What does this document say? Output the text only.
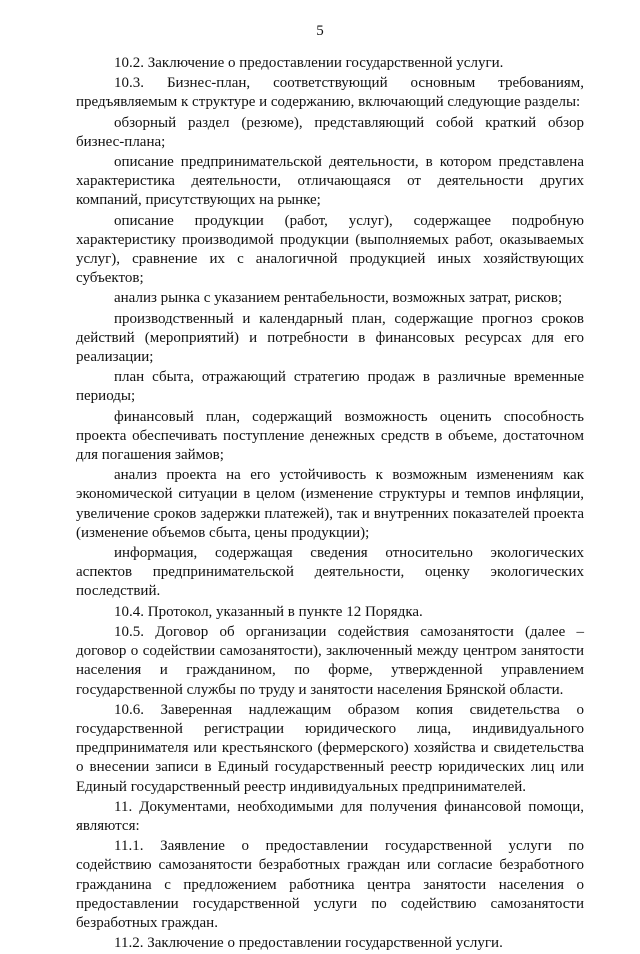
5

10.2. Заключение о предоставлении государственной услуги.

10.3. Бизнес-план, соответствующий основным требованиям, предъявляемым к структуре и содержанию, включающий следующие разделы:

обзорный раздел (резюме), представляющий собой краткий обзор бизнес-плана;

описание предпринимательской деятельности, в котором представлена характеристика деятельности, отличающаяся от деятельности других компаний, присутствующих на рынке;

описание продукции (работ, услуг), содержащее подробную характеристику производимой продукции (выполняемых работ, оказываемых услуг), сравнение их с аналогичной продукцией иных хозяйствующих субъектов;

анализ рынка с указанием рентабельности, возможных затрат, рисков;

производственный и календарный план, содержащие прогноз сроков действий (мероприятий) и потребности в финансовых ресурсах для его реализации;

план сбыта, отражающий стратегию продаж в различные временные периоды;

финансовый план, содержащий возможность оценить способность проекта обеспечивать поступление денежных средств в объеме, достаточном для погашения займов;

анализ проекта на его устойчивость к возможным изменениям как экономической ситуации в целом (изменение структуры и темпов инфляции, увеличение сроков задержки платежей), так и внутренних показателей проекта (изменение объемов сбыта, цены продукции);

информация, содержащая сведения относительно экологических аспектов предпринимательской деятельности, оценку экологических последствий.

10.4. Протокол, указанный в пункте 12 Порядка.

10.5. Договор об организации содействия самозанятости (далее – договор о содействии самозанятости), заключенный между центром занятости населения и гражданином, по форме, утвержденной управлением государственной службы по труду и занятости населения Брянской области.

10.6. Заверенная надлежащим образом копия свидетельства о государственной регистрации юридического лица, индивидуального предпринимателя или крестьянского (фермерского) хозяйства и свидетельства о внесении записи в Единый государственный реестр юридических лиц или Единый государственный реестр индивидуальных предпринимателей.

11. Документами, необходимыми для получения финансовой помощи, являются:

11.1. Заявление о предоставлении государственной услуги по содействию самозанятости безработных граждан или согласие безработного гражданина с предложением работника центра занятости населения о предоставлении государственной услуги по содействию самозанятости безработных граждан.

11.2. Заключение о предоставлении государственной услуги.
